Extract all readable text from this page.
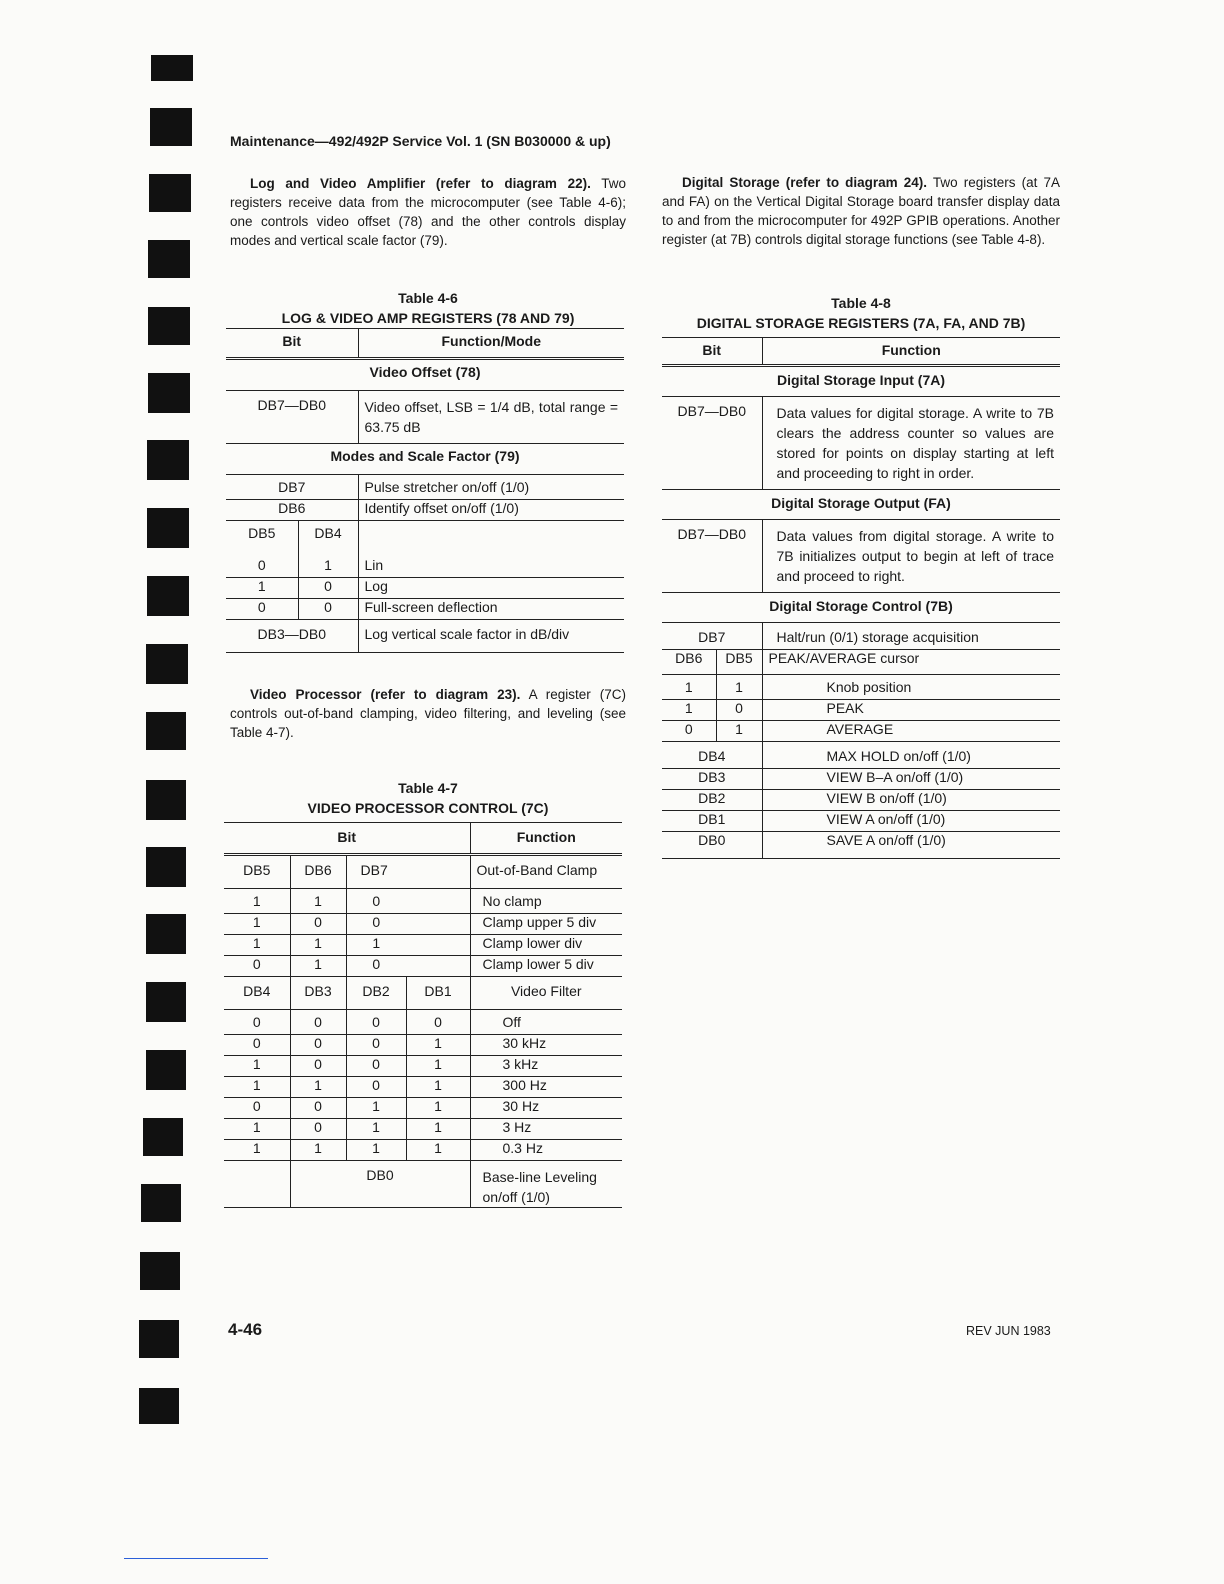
Maintenance—492/492P Service Vol. 1 (SN B030000 & up)
Log and Video Amplifier (refer to diagram 22). Two registers receive data from the microcomputer (see Table 4-6); one controls video offset (78) and the other controls display modes and vertical scale factor (79).
Table 4-6
LOG & VIDEO AMP REGISTERS (78 AND 79)
Bit		Function/Mode
Video Offset (78)		
DB7—DB0		Video offset, LSB = 1/4 dB, total range = 63.75 dB
Modes and Scale Factor (79)		
DB7		Pulse stretcher on/off (1/0)
DB6		Identify offset on/off (1/0)
DB5	DB4	
0	1	Lin
1	0	Log
0	0	Full-screen deflection
DB3—DB0		Log vertical scale factor in dB/div
Video Processor (refer to diagram 23). A register (7C) controls out-of-band clamping, video filtering, and leveling (see Table 4-7).
Table 4-7
VIDEO PROCESSOR CONTROL (7C)
Bit				Function
DB5	DB6	DB7		Out-of-Band Clamp
1	1	0		No clamp
1	0	0		Clamp upper 5 div
1	1	1		Clamp lower div
0	1	0		Clamp lower 5 div
DB4	DB3	DB2	DB1	Video Filter
0	0	0	0	Off
0	0	0	1	30 kHz
1	0	0	1	3 kHz
1	1	0	1	300 Hz
0	0	1	1	30 Hz
1	0	1	1	3 Hz
1	1	1	1	0.3 Hz
	DB0			Base-line Leveling on/off (1/0)
Digital Storage (refer to diagram 24). Two registers (at 7A and FA) on the Vertical Digital Storage board transfer display data to and from the microcomputer for 492P GPIB operations. Another register (at 7B) controls digital storage functions (see Table 4-8).
Table 4-8
DIGITAL STORAGE REGISTERS (7A, FA, AND 7B)
Bit		Function
Digital Storage Input (7A)		
DB7—DB0		Data values for digital storage. A write to 7B clears the address counter so values are stored for points on display starting at left and proceeding to right in order.
Digital Storage Output (FA)		
DB7—DB0		Data values from digital storage. A write to 7B initializes output to begin at left of trace and proceed to right.
Digital Storage Control (7B)		
DB7		Halt/run (0/1) storage acquisition
DB6	DB5	PEAK/AVERAGE cursor
1	1	Knob position
1	0	PEAK
0	1	AVERAGE
DB4		MAX HOLD on/off (1/0)
DB3		VIEW B–A on/off (1/0)
DB2		VIEW B on/off (1/0)
DB1		VIEW A on/off (1/0)
DB0		SAVE A on/off (1/0)
4-46	REV JUN 1983
